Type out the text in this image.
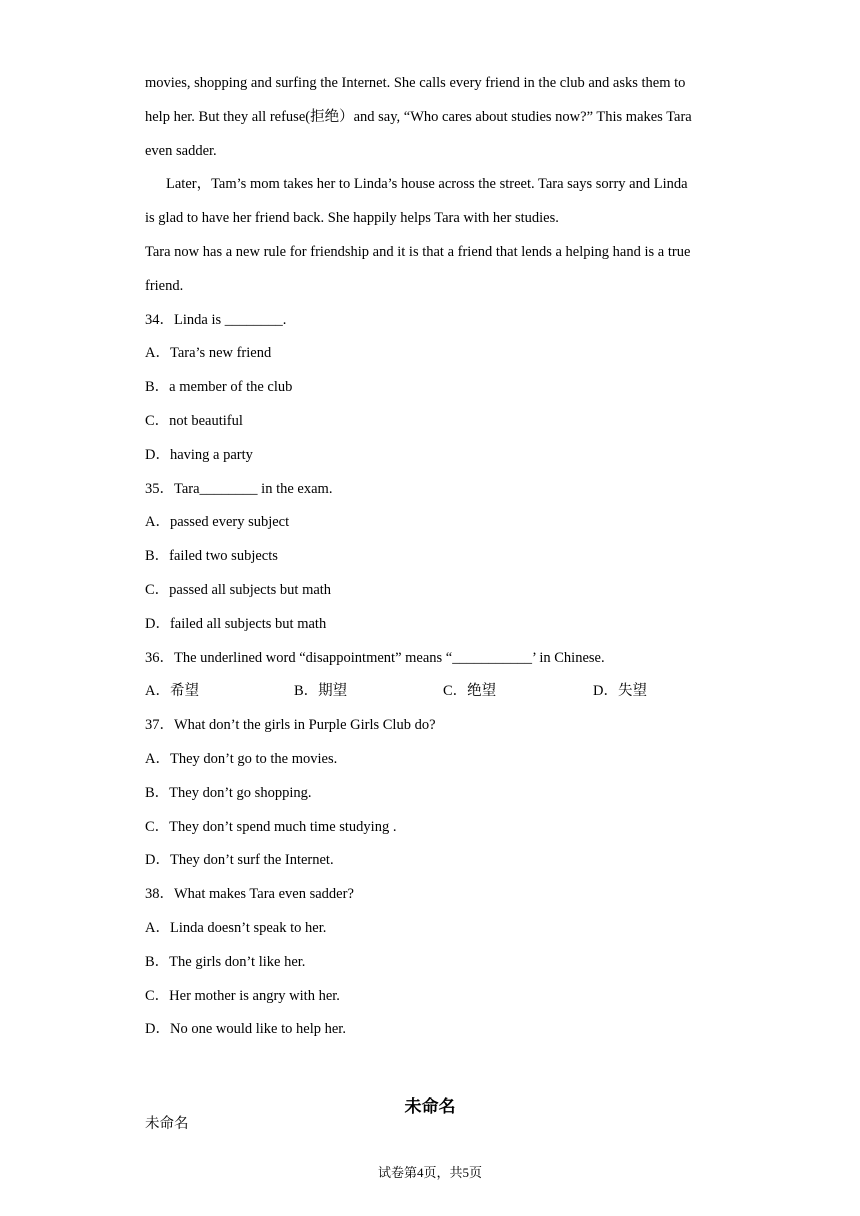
movies, shopping and surfing the Internet. She calls every friend in the club and asks them to
help her. But they all refuse(拒绝）and say, “Who cares about studies now?” This makes Tara
even sadder.
Later，Tam’s mom takes her to Linda’s house across the street. Tara says sorry and Linda
is glad to have her friend back. She happily helps Tara with her studies.
Tara now has a new rule for friendship and it is that a friend that lends a helping hand is a true
friend.
34．Linda is ________.
A．Tara’s new friend
B．a member of the club
C．not beautiful
D．having a party
35．Tara________ in the exam.
A．passed every subject
B．failed two subjects
C．passed all subjects but math
D．failed all subjects but math
36．The underlined word “disappointment” means “___________’ in Chinese.
A．希望	B．期望	C．绝望	D．失望
37．What don’t the girls in Purple Girls Club do?
A．They don’t go to the movies.
B．They don’t go shopping.
C．They don’t spend much time studying .
D．They don’t surf the Internet.
38．What makes Tara even sadder?
A．Linda doesn’t speak to her.
B．The girls don’t like her.
C．Her mother is angry with her.
D．No one would like to help her.
未命名
未命名
试卷第4页，共5页
